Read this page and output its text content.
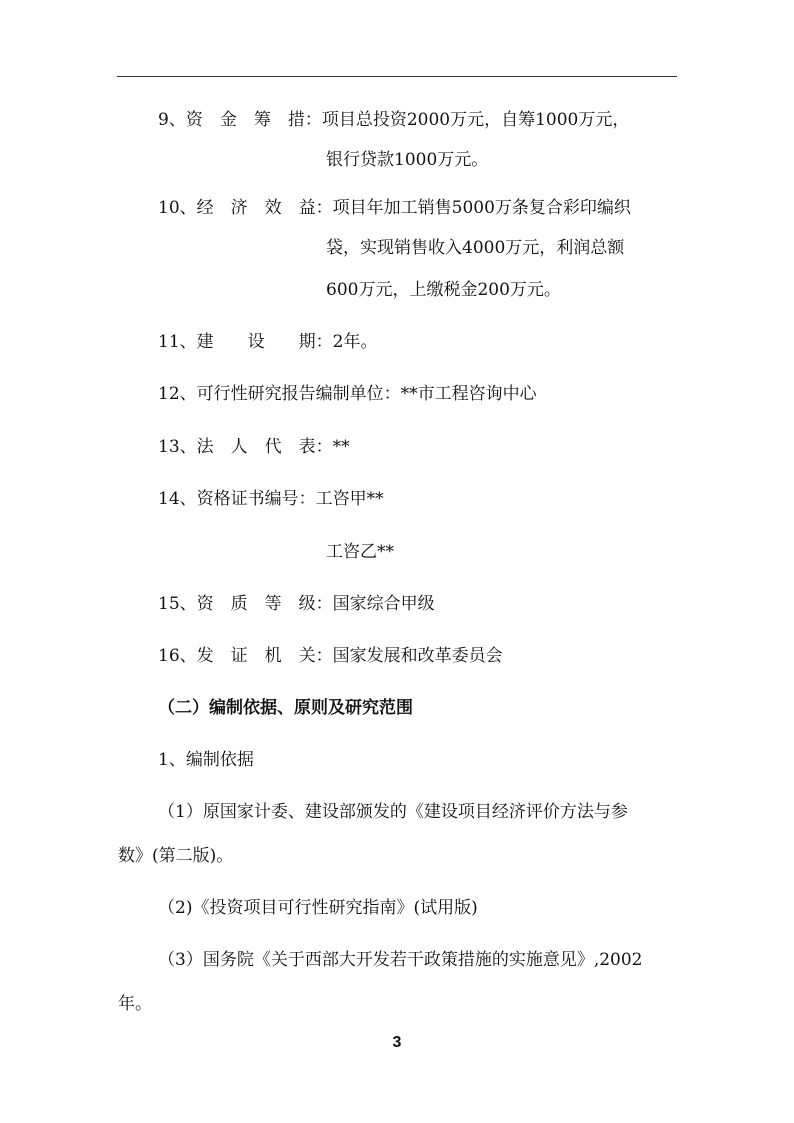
9、资　金　筹　措：项目总投资2000万元，自筹1000万元，
银行贷款1000万元。
10、经　济　效　益：项目年加工销售5000万条复合彩印编织
袋，实现销售收入4000万元，利润总额
600万元，上缴税金200万元。
11、建　　设　　期：2年。
12、可行性研究报告编制单位：**市工程咨询中心
13、法　人　代　表：**
14、资格证书编号：工咨甲**
工咨乙**
15、资　质　等　级：国家综合甲级
16、发　证　机　关：国家发展和改革委员会
（二）编制依据、原则及研究范围
1、编制依据
（1）原国家计委、建设部颁发的《建设项目经济评价方法与参
数》(第二版)。
（2)《投资项目可行性研究指南》(试用版)
（3）国务院《关于西部大开发若干政策措施的实施意见》,2002
年。
3
